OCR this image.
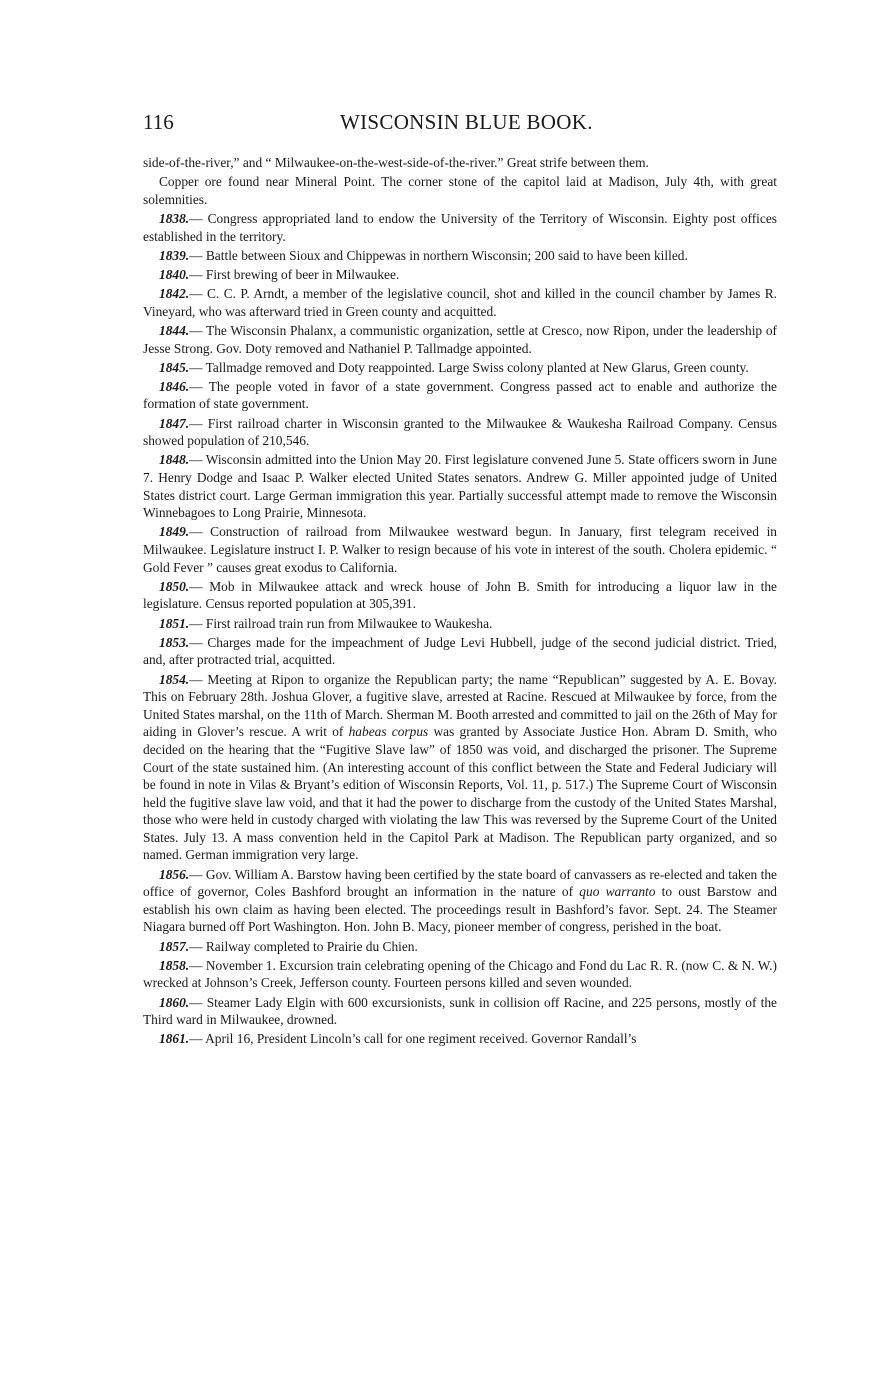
116	WISCONSIN BLUE BOOK.

side-of-the-river,” and “ Milwaukee-on-the-west-side-of-the-river.” Great strife between them.

Copper ore found near Mineral Point. The corner stone of the capitol laid at Madison, July 4th, with great solemnities.

1838.— Congress appropriated land to endow the University of the Territory of Wisconsin. Eighty post offices established in the territory.

1839.— Battle between Sioux and Chippewas in northern Wisconsin; 200 said to have been killed.

1840.— First brewing of beer in Milwaukee.

1842.— C. C. P. Arndt, a member of the legislative council, shot and killed in the council chamber by James R. Vineyard, who was afterward tried in Green county and acquitted.

1844.— The Wisconsin Phalanx, a communistic organization, settle at Cresco, now Ripon, under the leadership of Jesse Strong. Gov. Doty removed and Nathaniel P. Tallmadge appointed.

1845.— Tallmadge removed and Doty reappointed. Large Swiss colony planted at New Glarus, Green county.

1846.— The people voted in favor of a state government. Congress passed act to enable and authorize the formation of state government.

1847.— First railroad charter in Wisconsin granted to the Milwaukee & Waukesha Railroad Company. Census showed population of 210,546.

1848.— Wisconsin admitted into the Union May 20. First legislature convened June 5. State officers sworn in June 7. Henry Dodge and Isaac P. Walker elected United States senators. Andrew G. Miller appointed judge of United States district court. Large German immigration this year. Partially successful attempt made to remove the Wisconsin Winnebagoes to Long Prairie, Minnesota.

1849.— Construction of railroad from Milwaukee westward begun. In January, first telegram received in Milwaukee. Legislature instruct I. P. Walker to resign because of his vote in interest of the south. Cholera epidemic. “ Gold Fever ” causes great exodus to California.

1850.— Mob in Milwaukee attack and wreck house of John B. Smith for introducing a liquor law in the legislature. Census reported population at 305,391.

1851.— First railroad train run from Milwaukee to Waukesha.

1853.— Charges made for the impeachment of Judge Levi Hubbell, judge of the second judicial district. Tried, and, after protracted trial, acquitted.

1854.— Meeting at Ripon to organize the Republican party; the name “Republican” suggested by A. E. Bovay. This on February 28th. Joshua Glover, a fugitive slave, arrested at Racine. Rescued at Milwaukee by force, from the United States marshal, on the 11th of March. Sherman M. Booth arrested and committed to jail on the 26th of May for aiding in Glover’s rescue. A writ of habeas corpus was granted by Associate Justice Hon. Abram D. Smith, who decided on the hearing that the “Fugitive Slave law” of 1850 was void, and discharged the prisoner. The Supreme Court of the state sustained him. (An interesting account of this conflict between the State and Federal Judiciary will be found in note in Vilas & Bryant’s edition of Wisconsin Reports, Vol. 11, p. 517.) The Supreme Court of Wisconsin held the fugitive slave law void, and that it had the power to discharge from the custody of the United States Marshal, those who were held in custody charged with violating the law This was reversed by the Supreme Court of the United States. July 13. A mass convention held in the Capitol Park at Madison. The Republican party organized, and so named. German immigration very large.

1856.— Gov. William A. Barstow having been certified by the state board of canvassers as re-elected and taken the office of governor, Coles Bashford brought an information in the nature of quo warranto to oust Barstow and establish his own claim as having been elected. The proceedings result in Bashford’s favor. Sept. 24. The Steamer Niagara burned off Port Washington. Hon. John B. Macy, pioneer member of congress, perished in the boat.

1857.— Railway completed to Prairie du Chien.

1858.— November 1. Excursion train celebrating opening of the Chicago and Fond du Lac R. R. (now C. & N. W.) wrecked at Johnson’s Creek, Jefferson county. Fourteen persons killed and seven wounded.

1860.— Steamer Lady Elgin with 600 excursionists, sunk in collision off Racine, and 225 persons, mostly of the Third ward in Milwaukee, drowned.

1861.— April 16, President Lincoln’s call for one regiment received. Governor Randall’s
